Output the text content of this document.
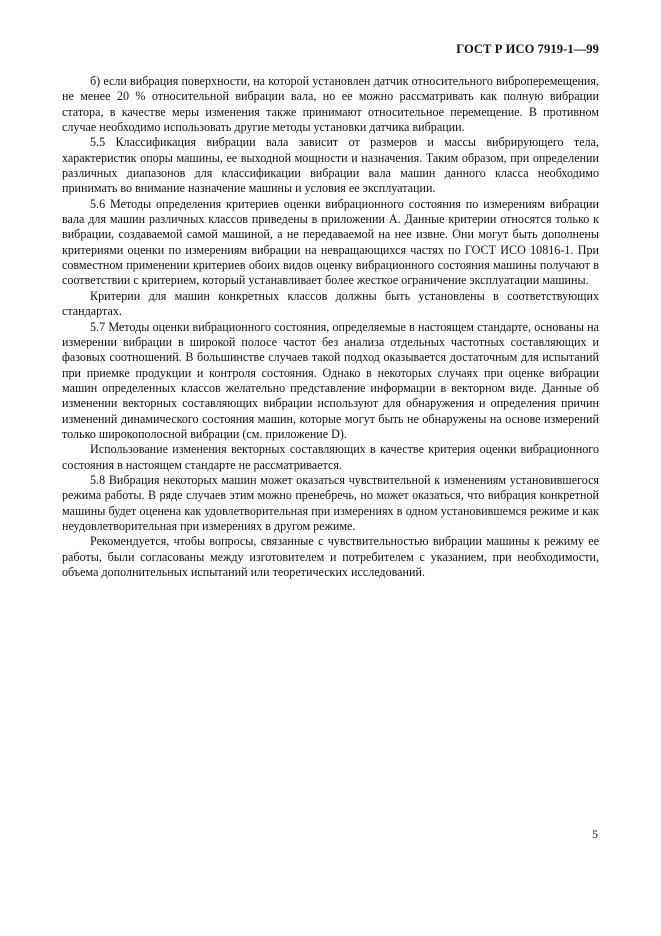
ГОСТ Р ИСО 7919-1—99

б) если вибрация поверхности, на которой установлен датчик относительного виброперемещения, не менее 20 % относительной вибрации вала, но ее можно рассматривать как полную вибрации статора, в качестве меры изменения также принимают относительное перемещение. В противном случае необходимо использовать другие методы установки датчика вибрации.

5.5 Классификация вибрации вала зависит от размеров и массы вибрирующего тела, характеристик опоры машины, ее выходной мощности и назначения. Таким образом, при определении различных диапазонов для классификации вибрации вала машин данного класса необходимо принимать во внимание назначение машины и условия ее эксплуатации.

5.6 Методы определения критериев оценки вибрационного состояния по измерениям вибрации вала для машин различных классов приведены в приложении А. Данные критерии относятся только к вибрации, создаваемой самой машиной, а не передаваемой на нее извне. Они могут быть дополнены критериями оценки по измерениям вибрации на невращающихся частях по ГОСТ ИСО 10816-1. При совместном применении критериев обоих видов оценку вибрационного состояния машины получают в соответствии с критерием, который устанавливает более жесткое ограничение эксплуатации машины.

Критерии для машин конкретных классов должны быть установлены в соответствующих стандартах.

5.7 Методы оценки вибрационного состояния, определяемые в настоящем стандарте, основаны на измерении вибрации в широкой полосе частот без анализа отдельных частотных составляющих и фазовых соотношений. В большинстве случаев такой подход оказывается достаточным для испытаний при приемке продукции и контроля состояния. Однако в некоторых случаях при оценке вибрации машин определенных классов желательно представление информации в векторном виде. Данные об изменении векторных составляющих вибрации используют для обнаружения и определения причин изменений динамического состояния машин, которые могут быть не обнаружены на основе измерений только широкополосной вибрации (см. приложение D).

Использование изменения векторных составляющих в качестве критерия оценки вибрационного состояния в настоящем стандарте не рассматривается.

5.8 Вибрация некоторых машин может оказаться чувствительной к изменениям установившегося режима работы. В ряде случаев этим можно пренебречь, но может оказаться, что вибрация конкретной машины будет оценена как удовлетворительная при измерениях в одном установившемся режиме и как неудовлетворительная при измерениях в другом режиме.

Рекомендуется, чтобы вопросы, связанные с чувствительностью вибрации машины к режиму ее работы, были согласованы между изготовителем и потребителем с указанием, при необходимости, объема дополнительных испытаний или теоретических исследований.

5
